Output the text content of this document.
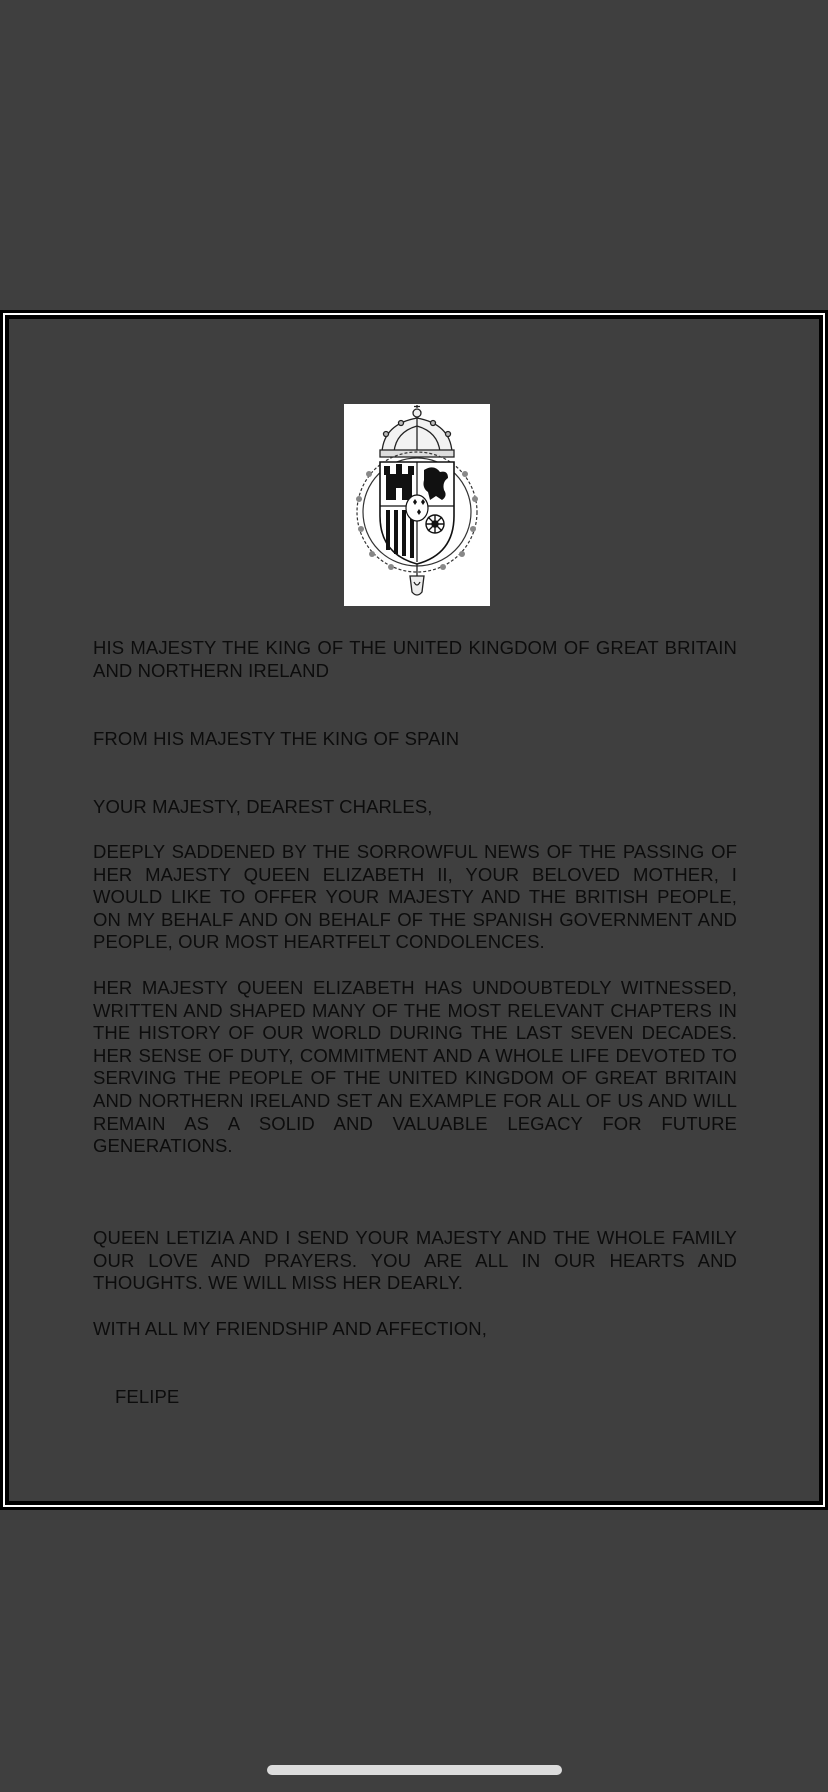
HIS MAJESTY THE KING OF THE UNITED KINGDOM OF GREAT BRITAIN AND NORTHERN IRELAND
FROM HIS MAJESTY THE KING OF SPAIN
YOUR MAJESTY, DEAREST CHARLES,
DEEPLY SADDENED BY THE SORROWFUL NEWS OF THE PASSING OF HER MAJESTY QUEEN ELIZABETH II, YOUR BELOVED MOTHER, I WOULD LIKE TO OFFER YOUR MAJESTY AND THE BRITISH PEOPLE, ON MY BEHALF AND ON BEHALF OF THE SPANISH GOVERNMENT AND PEOPLE, OUR MOST HEARTFELT CONDOLENCES.
HER MAJESTY QUEEN ELIZABETH HAS UNDOUBTEDLY WITNESSED, WRITTEN AND SHAPED MANY OF THE MOST RELEVANT CHAPTERS IN THE HISTORY OF OUR WORLD DURING THE LAST SEVEN DECADES. HER SENSE OF DUTY, COMMITMENT AND A WHOLE LIFE DEVOTED TO SERVING THE PEOPLE OF THE UNITED KINGDOM OF GREAT BRITAIN AND NORTHERN IRELAND SET AN EXAMPLE FOR ALL OF US AND WILL REMAIN AS A SOLID AND VALUABLE LEGACY FOR FUTURE GENERATIONS.
QUEEN LETIZIA AND I SEND YOUR MAJESTY AND THE WHOLE FAMILY OUR LOVE AND PRAYERS. YOU ARE ALL IN OUR HEARTS AND THOUGHTS. WE WILL MISS HER DEARLY.
WITH ALL MY FRIENDSHIP AND AFFECTION,
FELIPE
